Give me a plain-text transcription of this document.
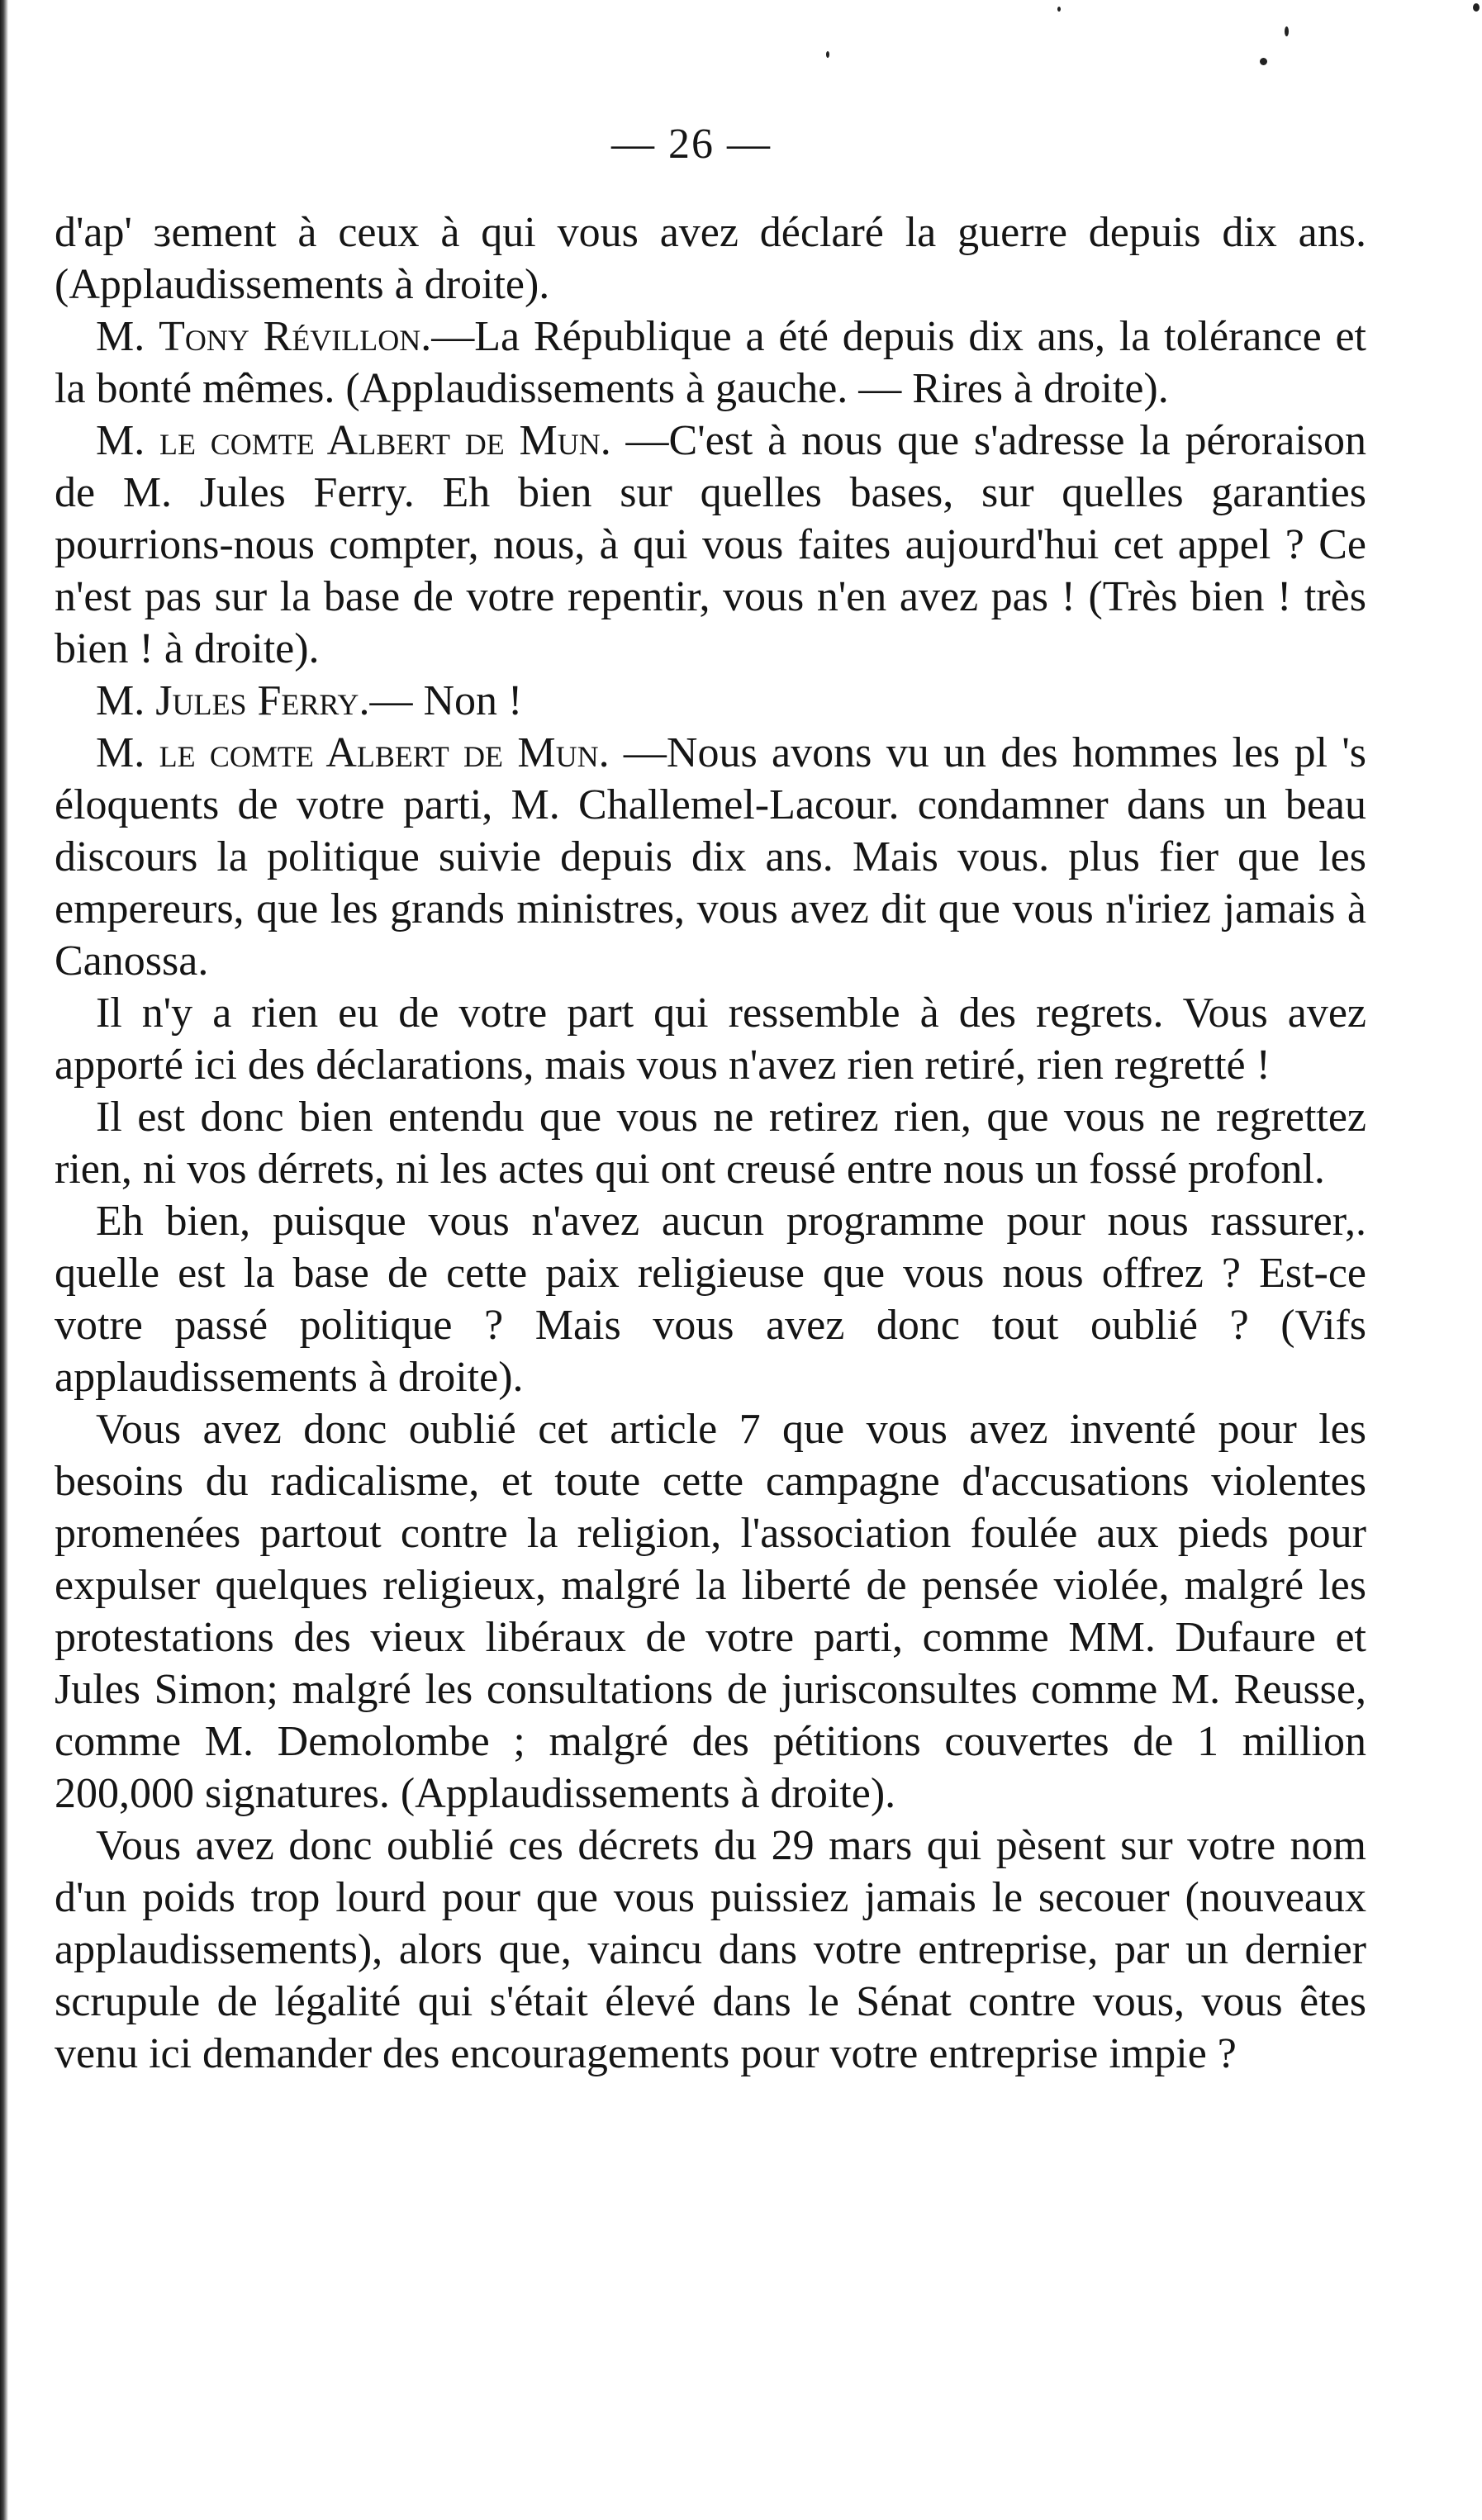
— 26 —

d'ap' ɜement à ceux à qui vous avez déclaré la guerre depuis dix ans. (Applaudissements à droite).

M. Tony Révillon.—La République a été depuis dix ans, la tolérance et la bonté mêmes. (Applaudissements à gauche. — Rires à droite).

M. le comte Albert de Mun. —C'est à nous que s'adresse la péroraison de M. Jules Ferry. Eh bien sur quelles bases, sur quelles garanties pourrions-nous compter, nous, à qui vous faites aujourd'hui cet appel ? Ce n'est pas sur la base de votre repentir, vous n'en avez pas ! (Très bien ! très bien ! à droite).

M. Jules Ferry.— Non !

M. le comte Albert de Mun. —Nous avons vu un des hommes les pl 's éloquents de votre parti, M. Challemel-Lacour. condamner dans un beau discours la politique suivie depuis dix ans. Mais vous. plus fier que les empereurs, que les grands ministres, vous avez dit que vous n'iriez jamais à Canossa.

Il n'y a rien eu de votre part qui ressemble à des regrets. Vous avez apporté ici des déclarations, mais vous n'avez rien retiré, rien regretté !

Il est donc bien entendu que vous ne retirez rien, que vous ne regrettez rien, ni vos dérrets, ni les actes qui ont creusé entre nous un fossé profonl.

Eh bien, puisque vous n'avez aucun programme pour nous rassurer,. quelle est la base de cette paix religieuse que vous nous offrez ? Est-ce votre passé politique ? Mais vous avez donc tout oublié ? (Vifs applaudissements à droite).

Vous avez donc oublié cet article 7 que vous avez inventé pour les besoins du radicalisme, et toute cette campagne d'accusations violentes promenées partout contre la religion, l'association foulée aux pieds pour expulser quelques religieux, malgré la liberté de pensée violée, malgré les protestations des vieux libéraux de votre parti, comme MM. Dufaure et Jules Simon; malgré les consultations de jurisconsultes comme M. Reusse, comme M. Demolombe ; malgré des pétitions couvertes de 1 million 200,000 signatures. (Applaudissements à droite).

Vous avez donc oublié ces décrets du 29 mars qui pèsent sur votre nom d'un poids trop lourd pour que vous puissiez jamais le secouer (nouveaux applaudissements), alors que, vaincu dans votre entreprise, par un dernier scrupule de légalité qui s'était élevé dans le Sénat contre vous, vous êtes venu ici demander des encouragements pour votre entreprise impie ?
